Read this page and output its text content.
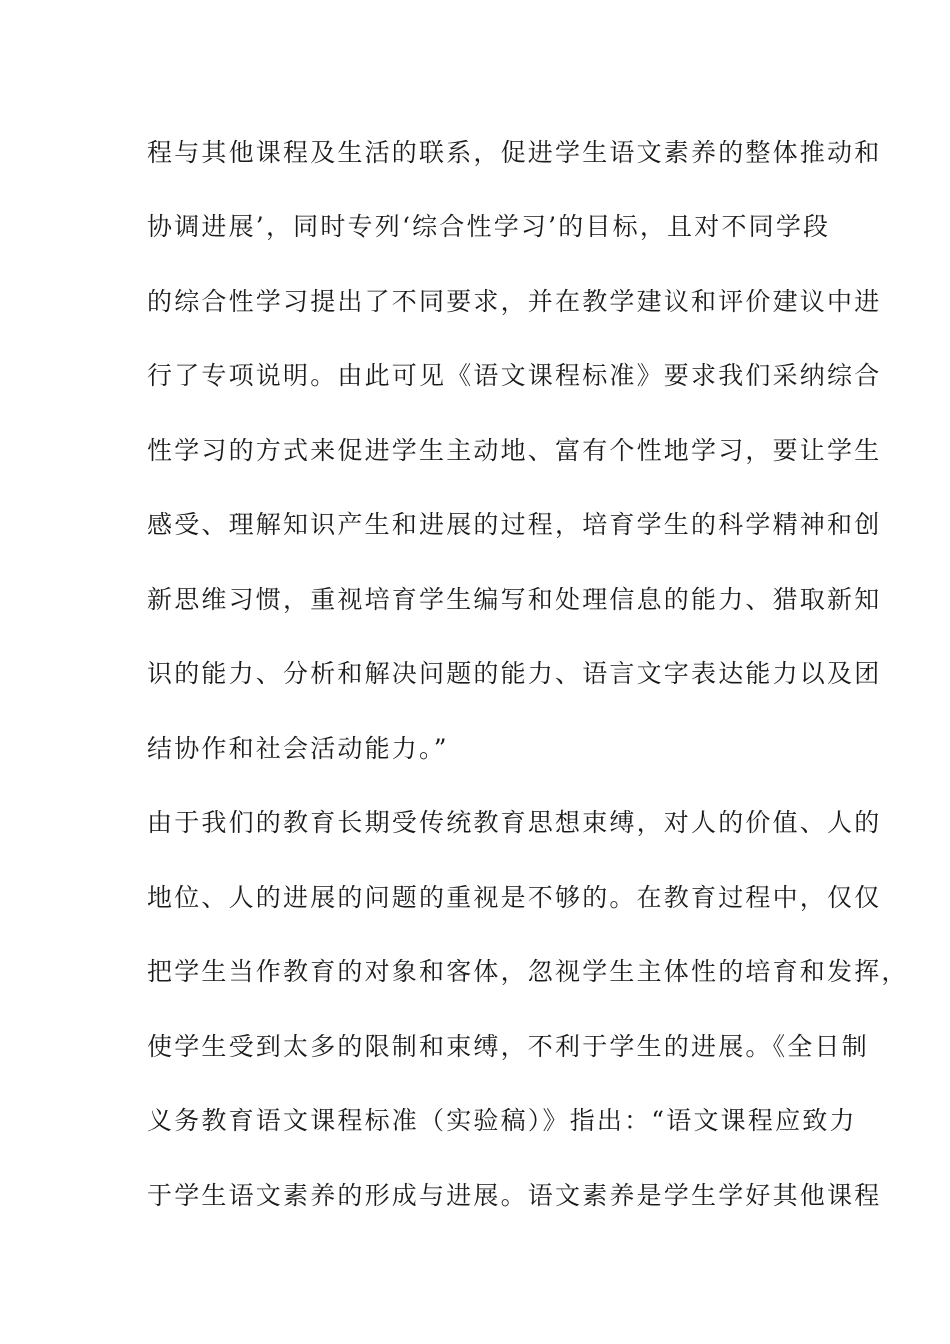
程与其他课程及生活的联系，促进学生语文素养的整体推动和
协调进展’，同时专列‘综合性学习’的目标，且对不同学段
的综合性学习提出了不同要求，并在教学建议和评价建议中进
行了专项说明。由此可见《语文课程标准》要求我们采纳综合
性学习的方式来促进学生主动地、富有个性地学习，要让学生
感受、理解知识产生和进展的过程，培育学生的科学精神和创
新思维习惯，重视培育学生编写和处理信息的能力、猎取新知
识的能力、分析和解决问题的能力、语言文字表达能力以及团
结协作和社会活动能力。”
由于我们的教育长期受传统教育思想束缚，对人的价值、人的
地位、人的进展的问题的重视是不够的。在教育过程中，仅仅
把学生当作教育的对象和客体，忽视学生主体性的培育和发挥，
使学生受到太多的限制和束缚，不利于学生的进展。《全日制
义务教育语文课程标准（实验稿）》指出：“语文课程应致力
于学生语文素养的形成与进展。语文素养是学生学好其他课程
